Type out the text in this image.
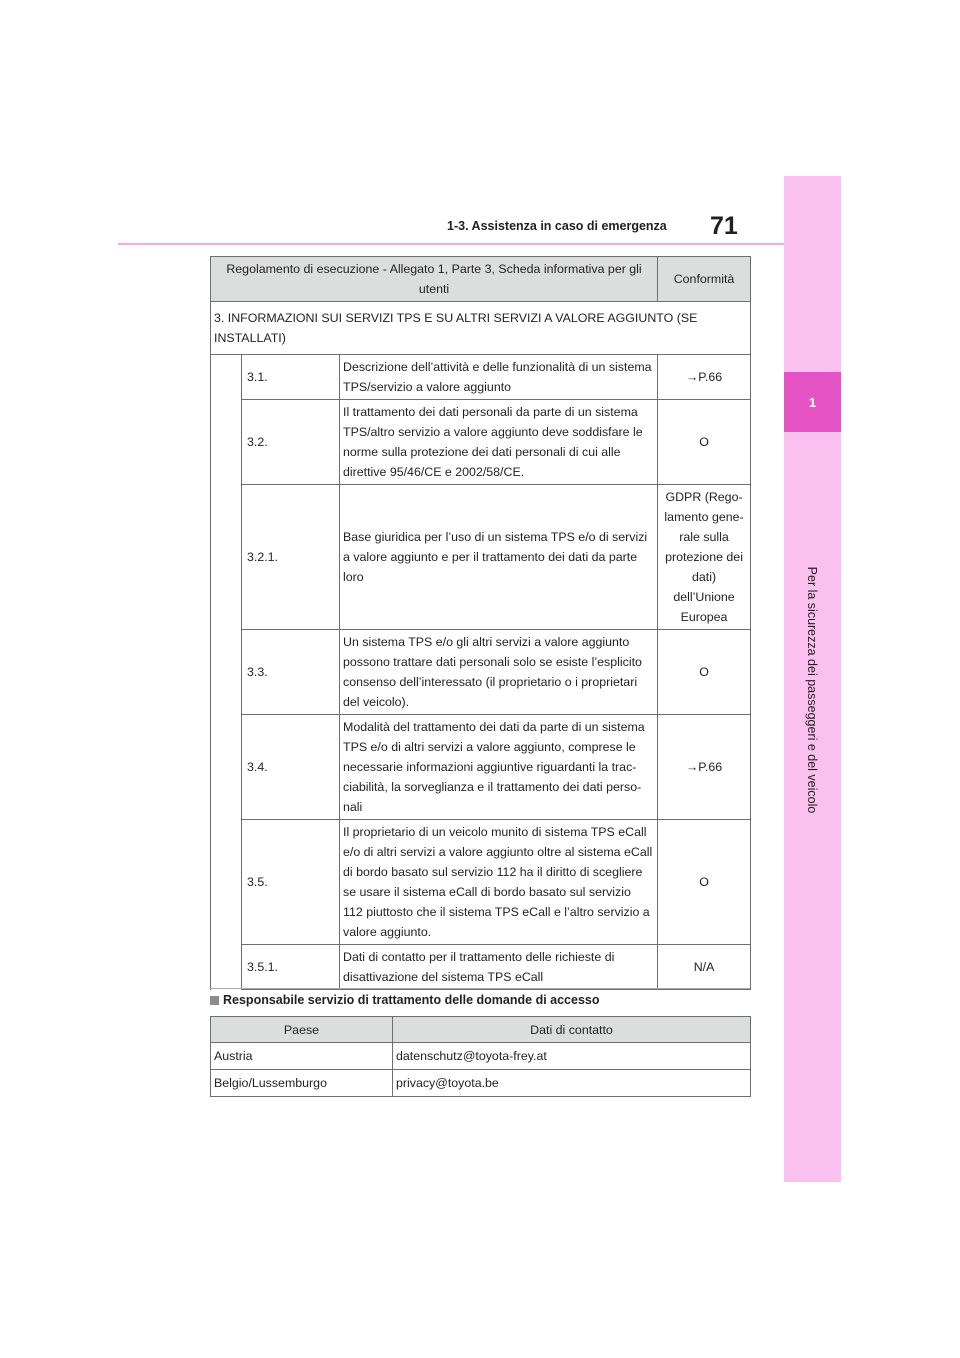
1
Per la sicurezza dei passeggeri e del veicolo
1-3. Assistenza in caso di emergenza 71
Regolamento di esecuzione - Allegato 1, Parte 3, Scheda informativa per gli utenti			Conformità
3. INFORMAZIONI SUI SERVIZI TPS E SU ALTRI SERVIZI A VALORE AGGIUNTO (SE INSTALLATI)			
	3.1.	Descrizione dell’attività e delle funzionalità di un sistema TPS/servizio a valore aggiunto	→P.66
	3.2.	Il trattamento dei dati personali da parte di un sistema TPS/altro servizio a valore aggiunto deve soddisfare le norme sulla protezione dei dati personali di cui alle direttive 95/46/CE e 2002/58/CE.	O
	3.2.1.	Base giuridica per l’uso di un sistema TPS e/o di servizi a valore aggiunto e per il trattamento dei dati da parte loro	GDPR (Rego-lamento gene-rale sulla protezione dei dati) dell’Unione Europea
	3.3.	Un sistema TPS e/o gli altri servizi a valore aggiunto possono trattare dati personali solo se esiste l’esplicito consenso dell’interessato (il proprietario o i proprietari del veicolo).	O
	3.4.	Modalità del trattamento dei dati da parte di un sistema TPS e/o di altri servizi a valore aggiunto, comprese le necessarie informazioni aggiuntive riguardanti la trac-ciabilità, la sorveglianza e il trattamento dei dati perso-nali	→P.66
	3.5.	Il proprietario di un veicolo munito di sistema TPS eCall e/o di altri servizi a valore aggiunto oltre al sistema eCall di bordo basato sul servizio 112 ha il diritto di scegliere se usare il sistema eCall di bordo basato sul servizio 112 piuttosto che il sistema TPS eCall e l’altro servizio a valore aggiunto.	O
	3.5.1.	Dati di contatto per il trattamento delle richieste di disattivazione del sistema TPS eCall	N/A
Responsabile servizio di trattamento delle domande di accesso
Paese	Dati di contatto
Austria	datenschutz@toyota-frey.at
Belgio/Lussemburgo	privacy@toyota.be
